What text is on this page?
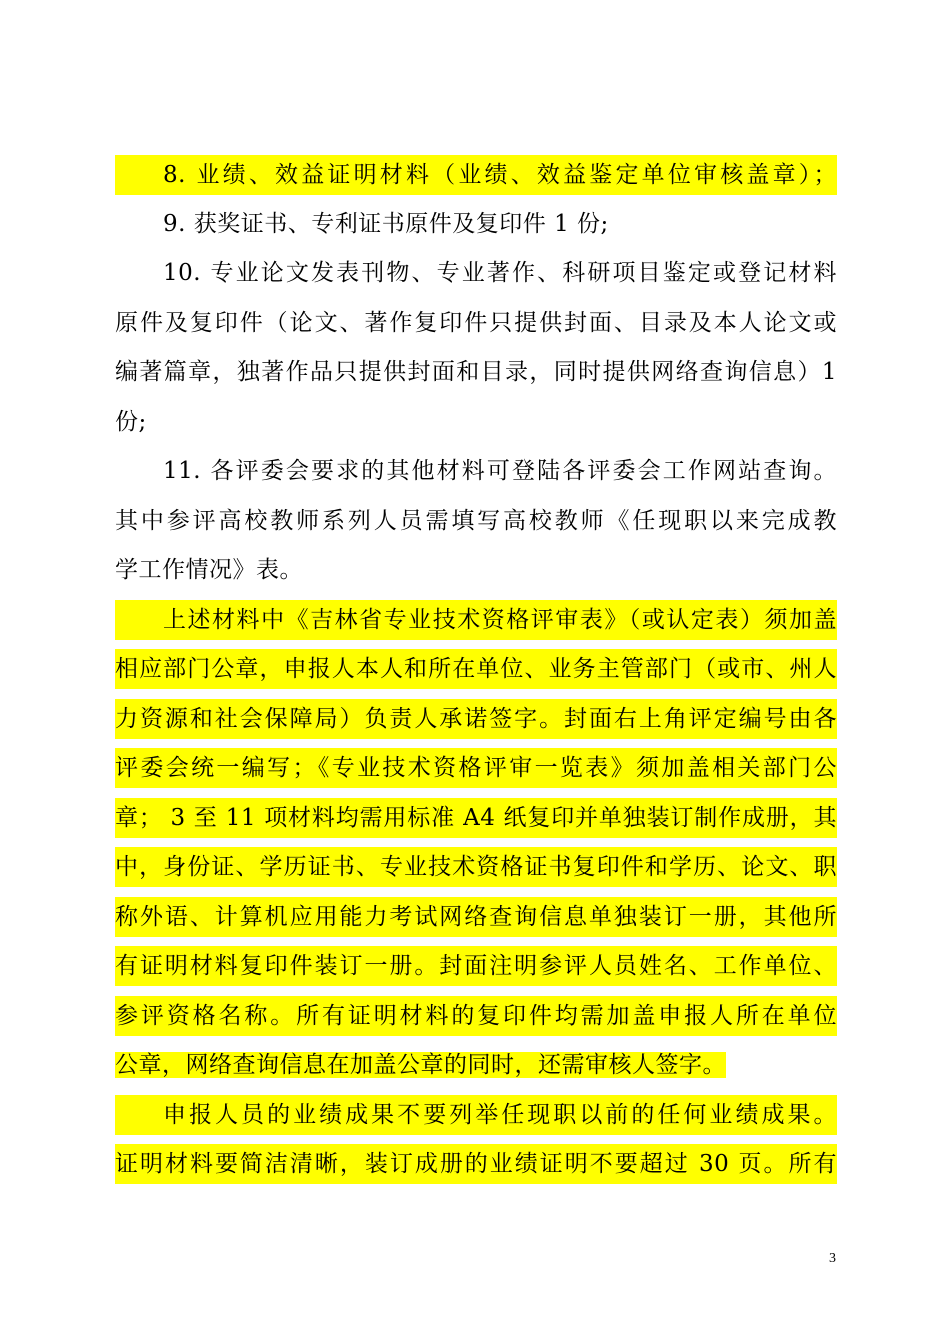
8. 业绩、效益证明材料（业绩、效益鉴定单位审核盖章）；
9. 获奖证书、专利证书原件及复印件 1 份;
10. 专业论文发表刊物、专业著作、科研项目鉴定或登记材料
原件及复印件（论文、著作复印件只提供封面、目录及本人论文或
编著篇章，独著作品只提供封面和目录，同时提供网络查询信息）1
份;
11. 各评委会要求的其他材料可登陆各评委会工作网站查询。
其中参评高校教师系列人员需填写高校教师《任现职以来完成教
学工作情况》表。
上述材料中《吉林省专业技术资格评审表》（或认定表）须加盖
相应部门公章，申报人本人和所在单位、业务主管部门（或市、州人
力资源和社会保障局）负责人承诺签字。封面右上角评定编号由各
评委会统一编写；《专业技术资格评审一览表》须加盖相关部门公
章； 3 至 11 项材料均需用标准 A4 纸复印并单独装订制作成册，其
中，身份证、学历证书、专业技术资格证书复印件和学历、论文、职
称外语、计算机应用能力考试网络查询信息单独装订一册，其他所
有证明材料复印件装订一册。封面注明参评人员姓名、工作单位、
参评资格名称。所有证明材料的复印件均需加盖申报人所在单位
公章，网络查询信息在加盖公章的同时，还需审核人签字。
申报人员的业绩成果不要列举任现职以前的任何业绩成果。
证明材料要简洁清晰，装订成册的业绩证明不要超过 30 页。所有
3
